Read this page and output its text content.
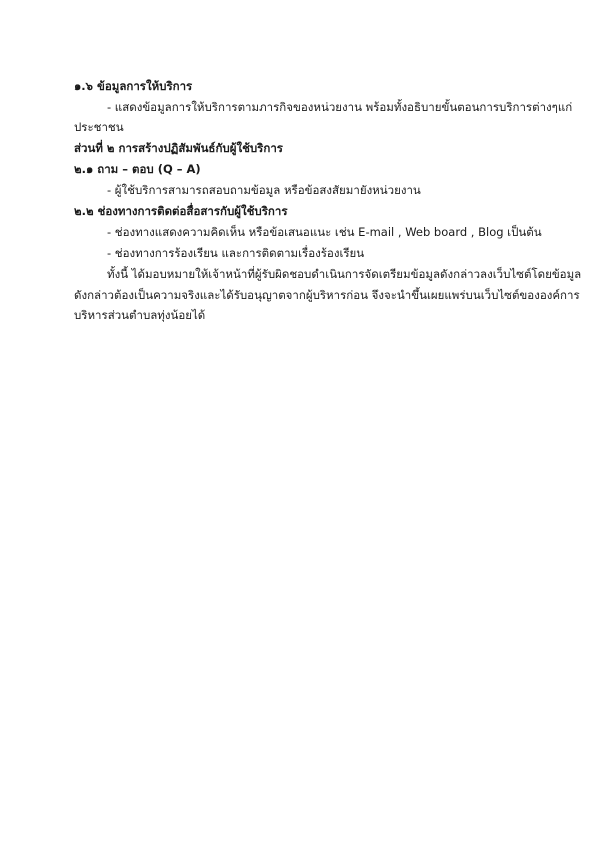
๑.๖ ข้อมูลการให้บริการ
- แสดงข้อมูลการให้บริการตามภารกิจของหน่วยงาน พร้อมทั้งอธิบายขั้นตอนการบริการต่างๆแก่
ประชาชน
ส่วนที่ ๒ การสร้างปฏิสัมพันธ์กับผู้ใช้บริการ
๒.๑ ถาม – ตอบ (Q – A)
- ผู้ใช้บริการสามารถสอบถามข้อมูล หรือข้อสงสัยมายังหน่วยงาน
๒.๒ ช่องทางการติดต่อสื่อสารกับผู้ใช้บริการ
- ช่องทางแสดงความคิดเห็น หรือข้อเสนอแนะ เช่น E-mail , Web board , Blog เป็นต้น
- ช่องทางการร้องเรียน และการติดตามเรื่องร้องเรียน
ทั้งนี้ ได้มอบหมายให้เจ้าหน้าที่ผู้รับผิดชอบดำเนินการจัดเตรียมข้อมูลดังกล่าวลงเว็บไซต์โดยข้อมูล
ดังกล่าวต้องเป็นความจริงและได้รับอนุญาตจากผู้บริหารก่อน จึงจะนำขึ้นเผยแพร่บนเว็บไซต์ขององค์การ
บริหารส่วนตำบลทุ่งน้อยได้
